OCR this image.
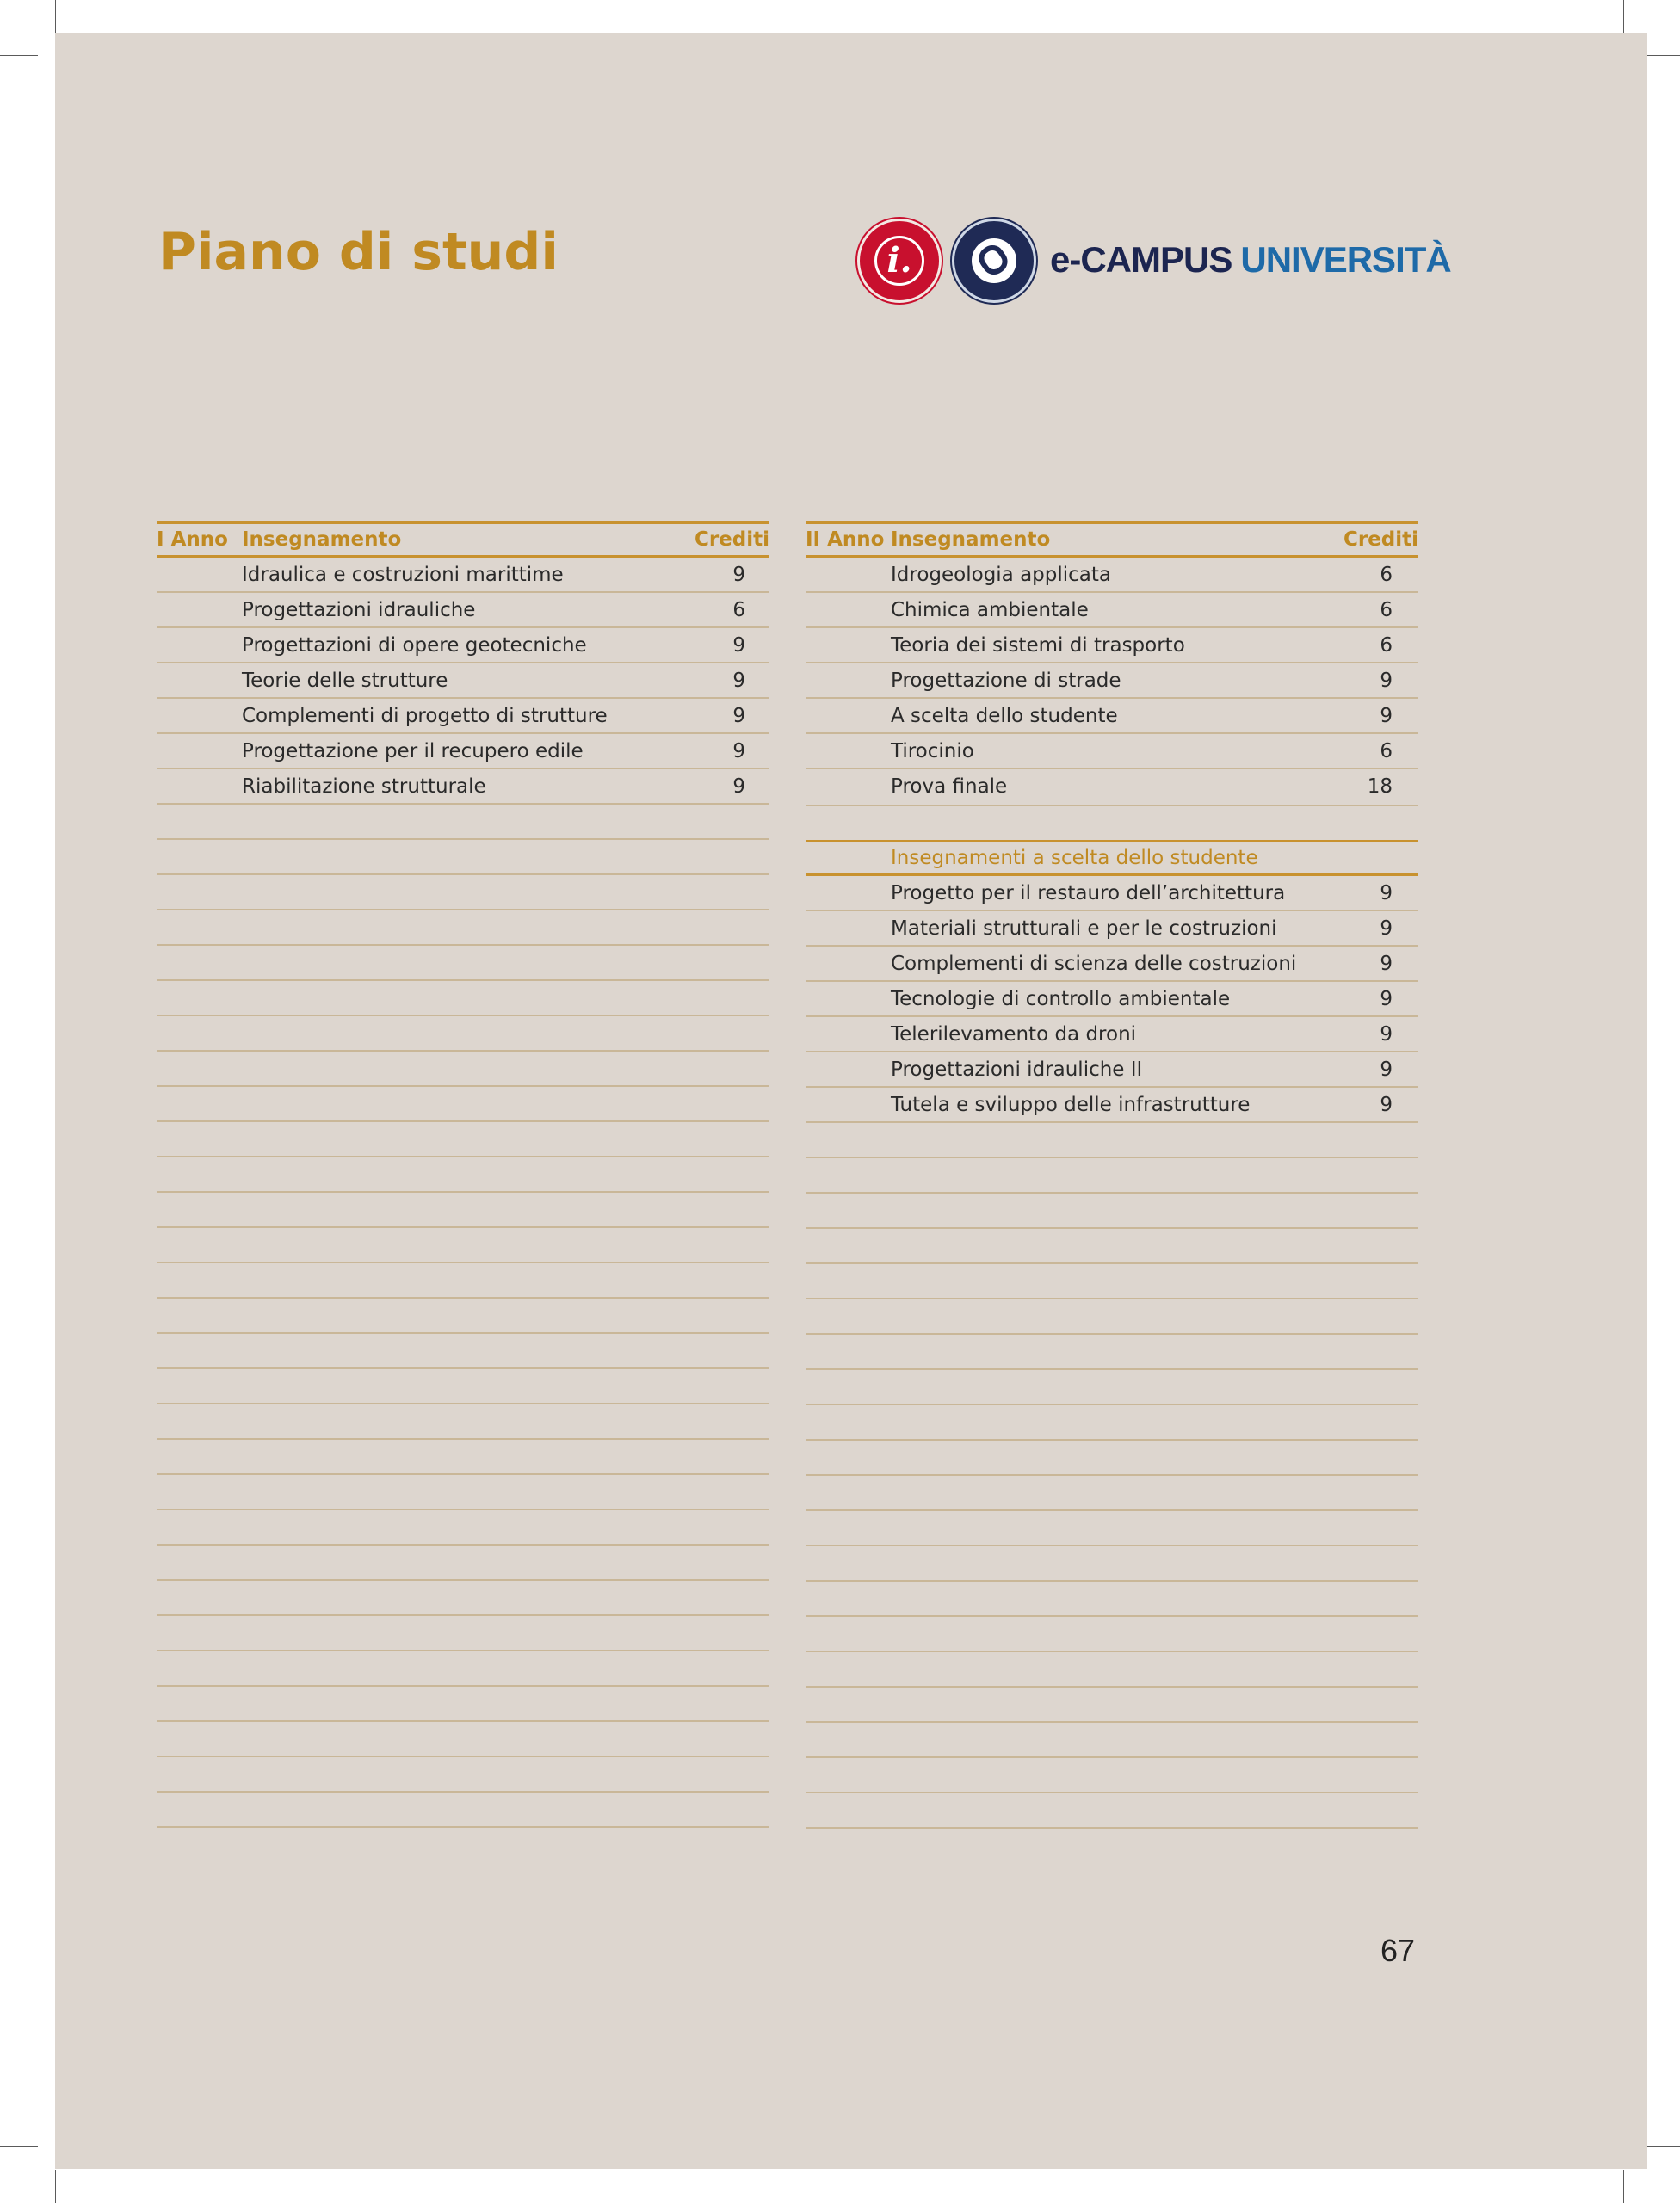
Piano di studi	i.	e-CAMPUS UNIVERSITÀ
I Anno Insegnamento	Crediti
Idraulica e costruzioni marittime	9
Progettazioni idrauliche	6
Progettazioni di opere geotecniche	9
Teorie delle strutture	9
Complementi di progetto di strutture	9
Progettazione per il recupero edile	9
Riabilitazione strutturale	9
II Anno Insegnamento	Crediti
Idrogeologia applicata	6
Chimica ambientale	6
Teoria dei sistemi di trasporto	6
Progettazione di strade	9
A scelta dello studente	9
Tirocinio	6
Prova finale	18
Insegnamenti a scelta dello studente
Progetto per il restauro dell’architettura	9
Materiali strutturali e per le costruzioni	9
Complementi di scienza delle costruzioni	9
Tecnologie di controllo ambientale	9
Telerilevamento da droni	9
Progettazioni idrauliche II	9
Tutela e sviluppo delle infrastrutture	9
67
